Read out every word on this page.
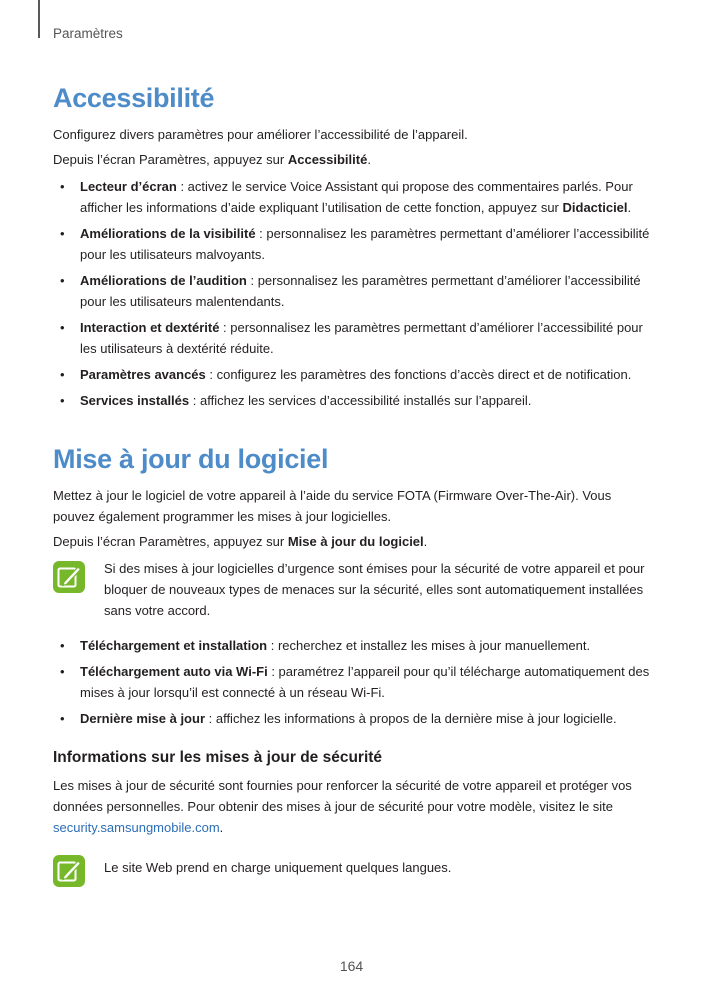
Paramètres
Accessibilité

Configurez divers paramètres pour améliorer l’accessibilité de l’appareil.

Depuis l’écran Paramètres, appuyez sur Accessibilité.

• Lecteur d’écran : activez le service Voice Assistant qui propose des commentaires parlés. Pour afficher les informations d’aide expliquant l’utilisation de cette fonction, appuyez sur Didacticiel.
• Améliorations de la visibilité : personnalisez les paramètres permettant d’améliorer l’accessibilité pour les utilisateurs malvoyants.
• Améliorations de l’audition : personnalisez les paramètres permettant d’améliorer l’accessibilité pour les utilisateurs malentendants.
• Interaction et dextérité : personnalisez les paramètres permettant d’améliorer l’accessibilité pour les utilisateurs à dextérité réduite.
• Paramètres avancés : configurez les paramètres des fonctions d’accès direct et de notification.
• Services installés : affichez les services d’accessibilité installés sur l’appareil.
Mise à jour du logiciel

Mettez à jour le logiciel de votre appareil à l’aide du service FOTA (Firmware Over-The-Air). Vous pouvez également programmer les mises à jour logicielles.

Depuis l’écran Paramètres, appuyez sur Mise à jour du logiciel.

Si des mises à jour logicielles d’urgence sont émises pour la sécurité de votre appareil et pour bloquer de nouveaux types de menaces sur la sécurité, elles sont automatiquement installées sans votre accord.

• Téléchargement et installation : recherchez et installez les mises à jour manuellement.
• Téléchargement auto via Wi-Fi : paramétrez l’appareil pour qu’il télécharge automatiquement des mises à jour lorsqu’il est connecté à un réseau Wi-Fi.
• Dernière mise à jour : affichez les informations à propos de la dernière mise à jour logicielle.
Informations sur les mises à jour de sécurité

Les mises à jour de sécurité sont fournies pour renforcer la sécurité de votre appareil et protéger vos données personnelles. Pour obtenir des mises à jour de sécurité pour votre modèle, visitez le site security.samsungmobile.com.

Le site Web prend en charge uniquement quelques langues.

164
